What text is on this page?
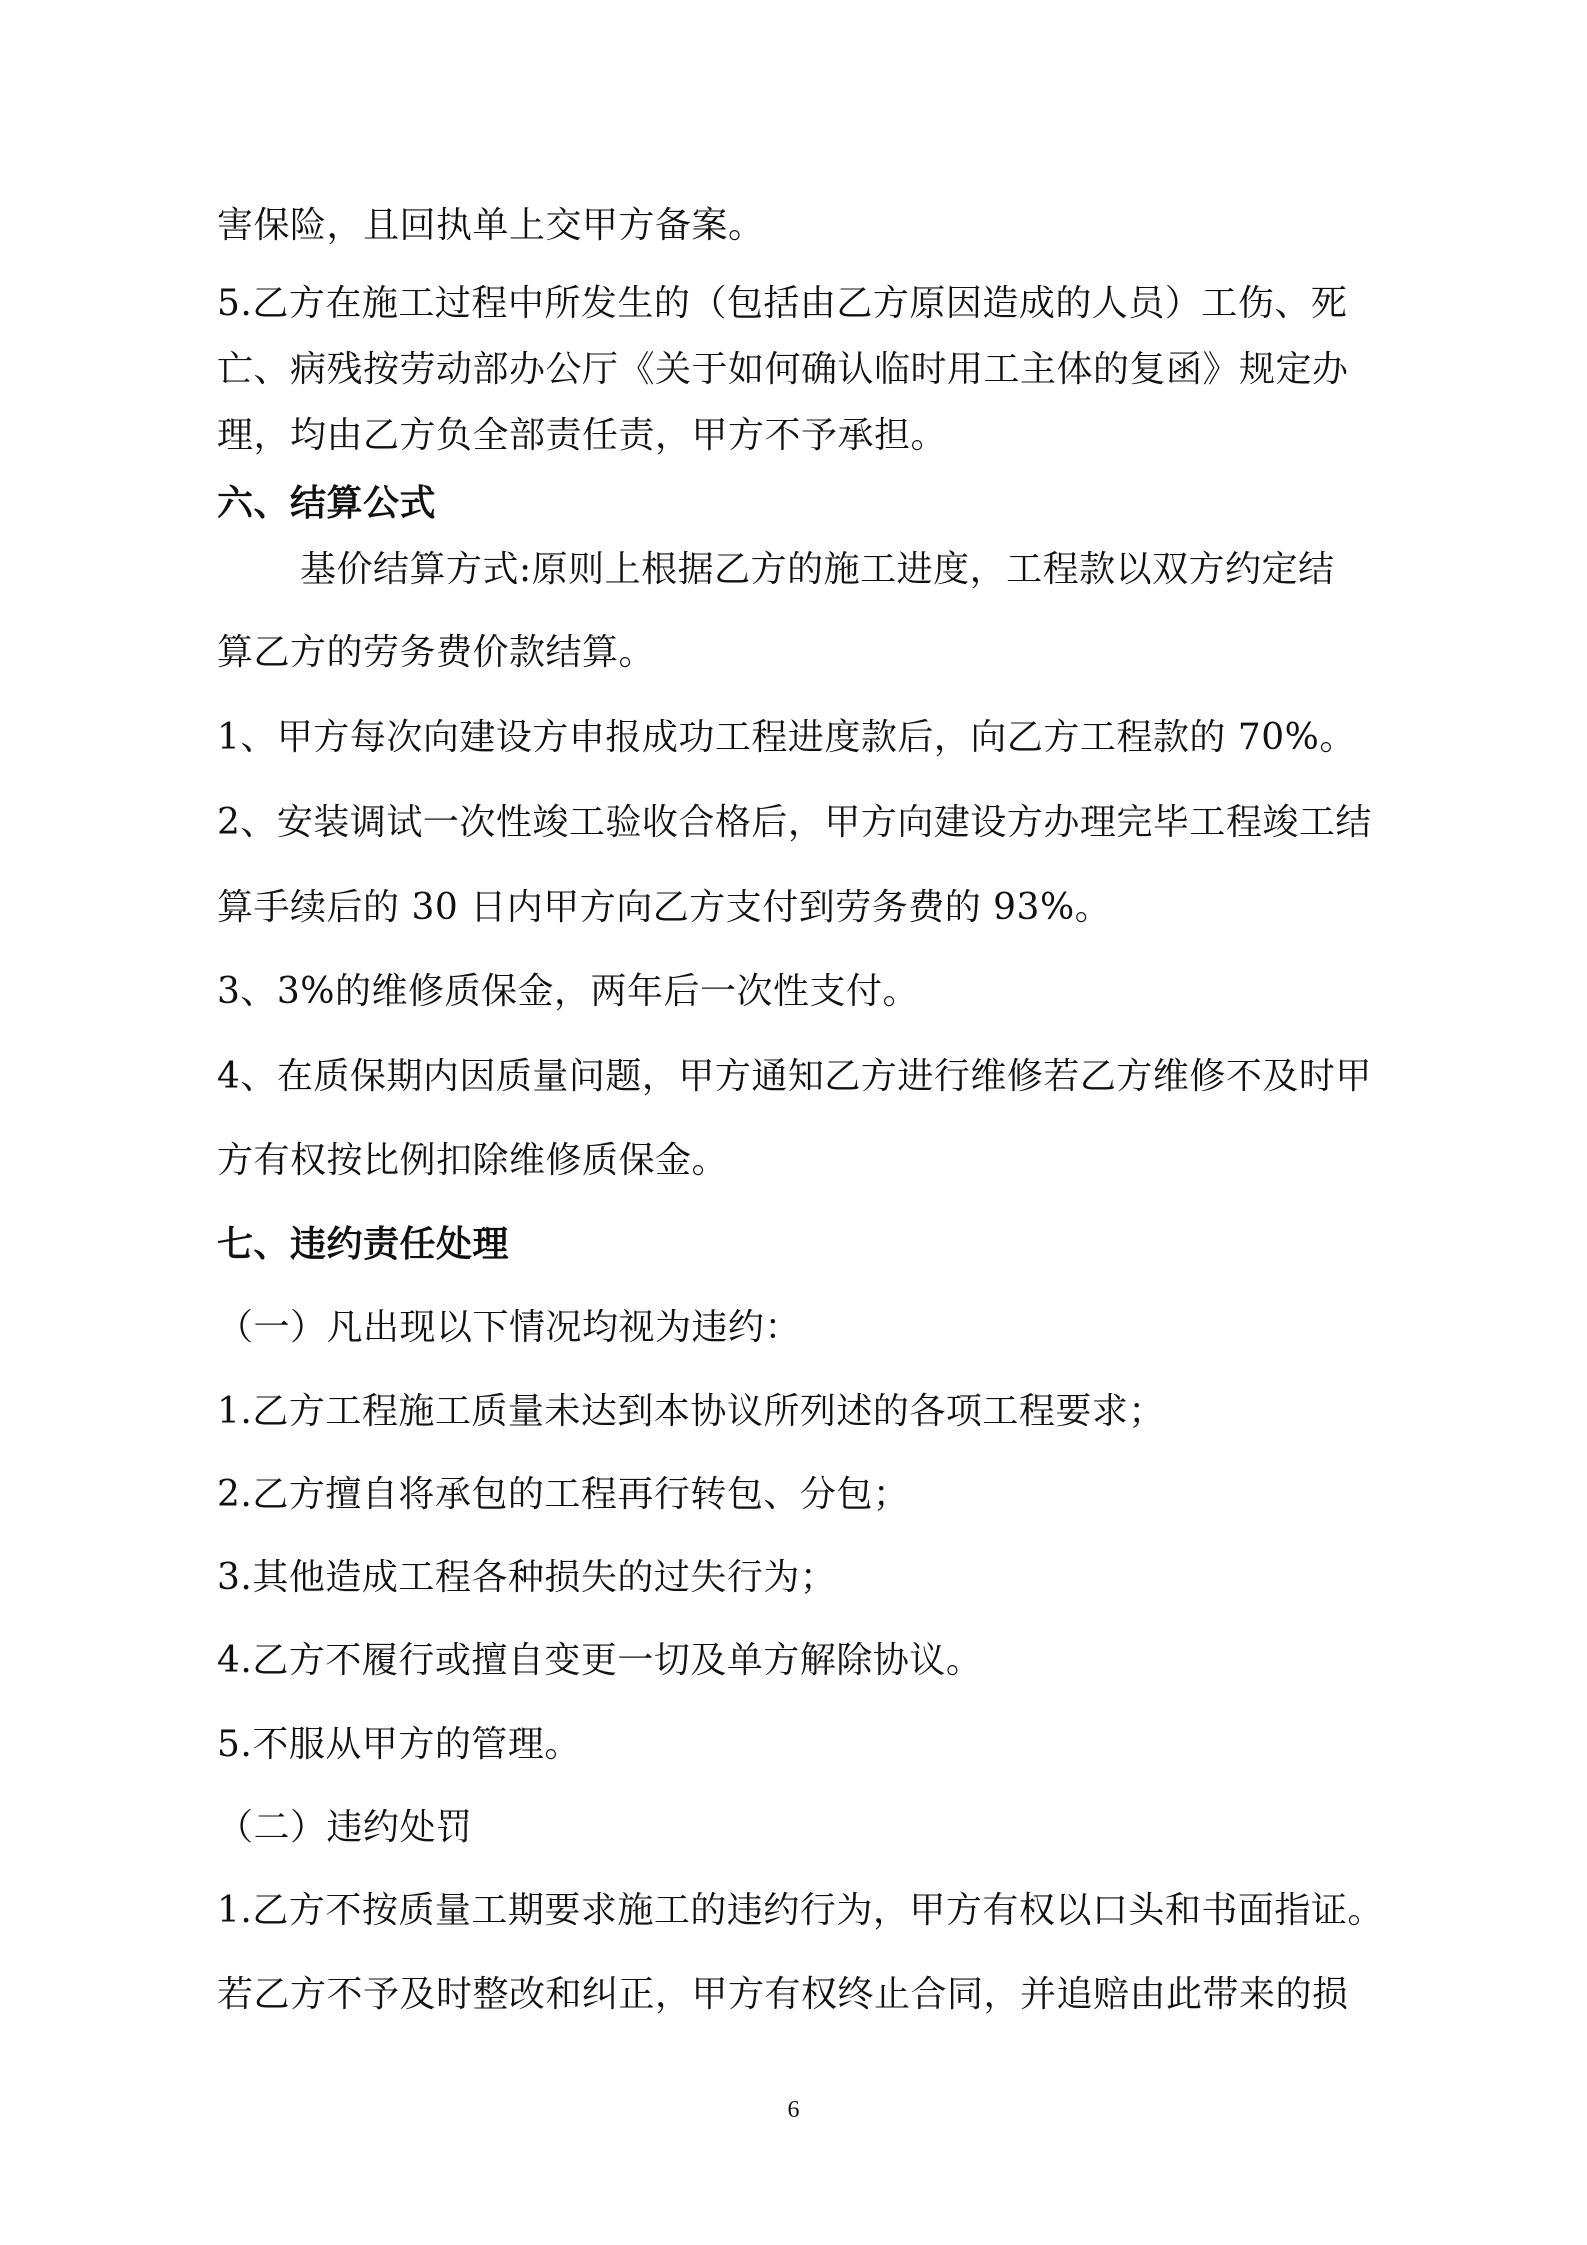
害保险，且回执单上交甲方备案。
5.乙方在施工过程中所发生的（包括由乙方原因造成的人员）工伤、死
亡、病残按劳动部办公厅《关于如何确认临时用工主体的复函》规定办
理，均由乙方负全部责任责，甲方不予承担。
六、结算公式
基价结算方式:原则上根据乙方的施工进度，工程款以双方约定结
算乙方的劳务费价款结算。
1、甲方每次向建设方申报成功工程进度款后，向乙方工程款的 70%。
2、安装调试一次性竣工验收合格后，甲方向建设方办理完毕工程竣工结
算手续后的 30 日内甲方向乙方支付到劳务费的 93%。
3、3%的维修质保金，两年后一次性支付。
4、在质保期内因质量问题，甲方通知乙方进行维修若乙方维修不及时甲
方有权按比例扣除维修质保金。
七、违约责任处理
（一）凡出现以下情况均视为违约：
1.乙方工程施工质量未达到本协议所列述的各项工程要求；
2.乙方擅自将承包的工程再行转包、分包；
3.其他造成工程各种损失的过失行为；
4.乙方不履行或擅自变更一切及单方解除协议。
5.不服从甲方的管理。
（二）违约处罚
1.乙方不按质量工期要求施工的违约行为，甲方有权以口头和书面指证。
若乙方不予及时整改和纠正，甲方有权终止合同，并追赔由此带来的损
6
